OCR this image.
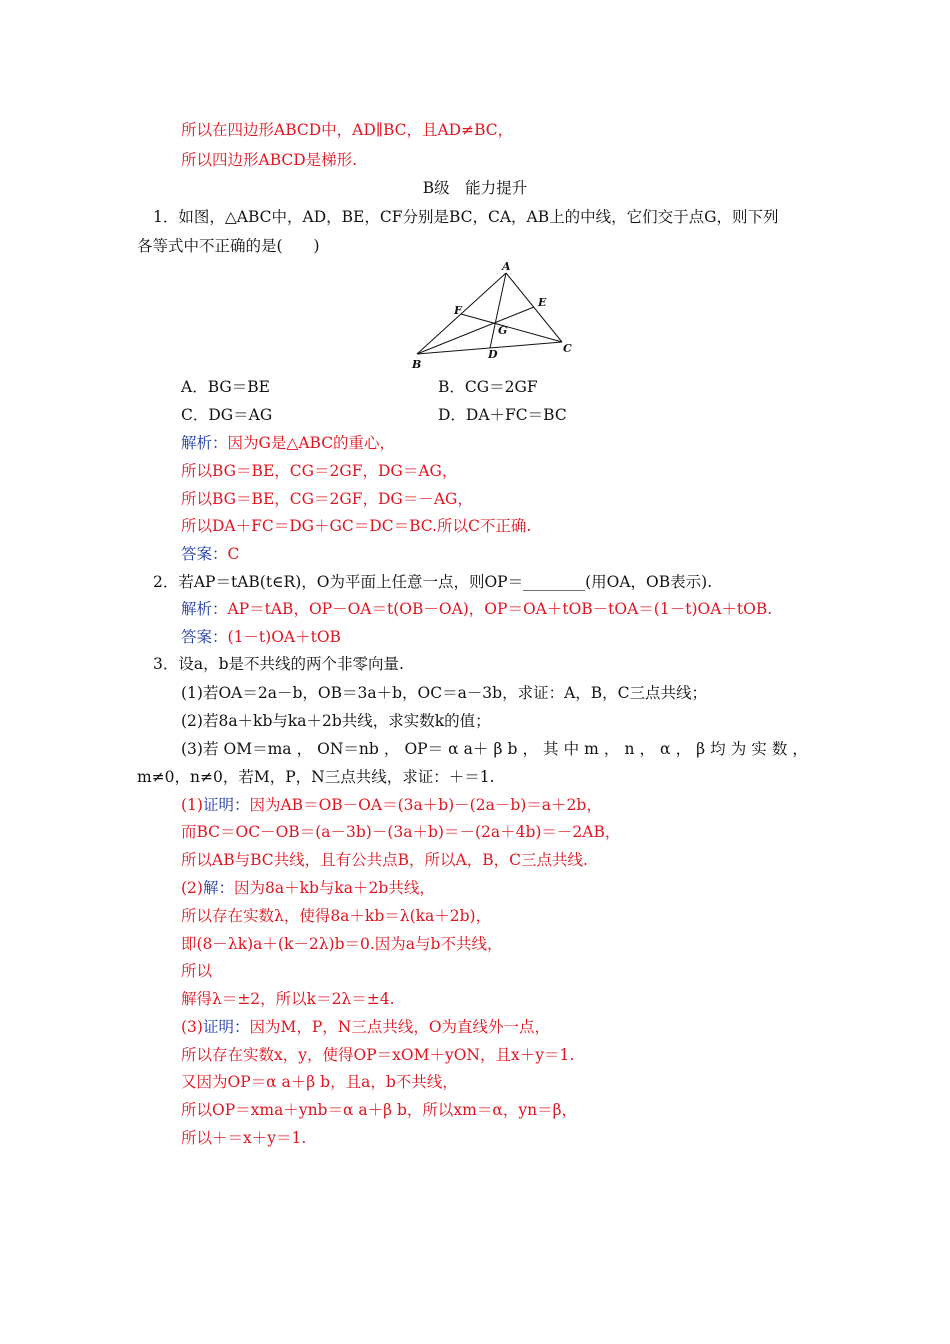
所以在四边形ABCD中，AD∥BC，且AD≠BC，
所以四边形ABCD是梯形.
B级　能力提升
1．如图，△ABC中，AD，BE，CF分别是BC，CA，AB上的中线，它们交于点G，则下列
各等式中不正确的是(　　)
A
B
C
D
E
F
G
A．BG＝BE	B．CG＝2GF
C．DG＝AG	D．DA＋FC＝BC
解析：因为G是△ABC的重心，
所以BG＝BE，CG＝2GF，DG＝AG，
所以BG＝BE，CG＝2GF，DG＝－AG，
所以DA＋FC＝DG＋GC＝DC＝BC.所以C不正确.
答案：C
2．若AP＝tAB(t∈R)，O为平面上任意一点，则OP＝________(用OA，OB表示).
解析：AP＝tAB，OP－OA＝t(OB－OA)，OP＝OA＋tOB－tOA＝(1－t)OA＋tOB.
答案：(1－t)OA＋tOB
3．设a，b是不共线的两个非零向量.
(1)若OA＝2a－b，OB＝3a＋b，OC＝a－3b，求证：A，B，C三点共线；
(2)若8a＋kb与ka＋2b共线，求实数k的值；
(3)若 OM＝ma ， ON＝nb ， OP＝ α a＋ β b ， 其 中 m ， n ， α ， β 均 为 实 数 ，
m≠0，n≠0，若M，P，N三点共线，求证：＋＝1.
(1)证明：因为AB＝OB－OA＝(3a＋b)－(2a－b)＝a＋2b，
而BC＝OC－OB＝(a－3b)－(3a＋b)＝－(2a＋4b)＝－2AB，
所以AB与BC共线，且有公共点B，所以A，B，C三点共线.
(2)解：因为8a＋kb与ka＋2b共线，
所以存在实数λ，使得8a＋kb＝λ(ka＋2b)，
即(8－λk)a＋(k－2λ)b＝0.因为a与b不共线，
所以
解得λ＝±2，所以k＝2λ＝±4.
(3)证明：因为M，P，N三点共线，O为直线外一点，
所以存在实数x，y，使得OP＝xOM＋yON，且x＋y＝1.
又因为OP＝α a＋β b，且a，b不共线，
所以OP＝xma＋ynb＝α a＋β b，所以xm＝α，yn＝β，
所以＋＝x＋y＝1.
